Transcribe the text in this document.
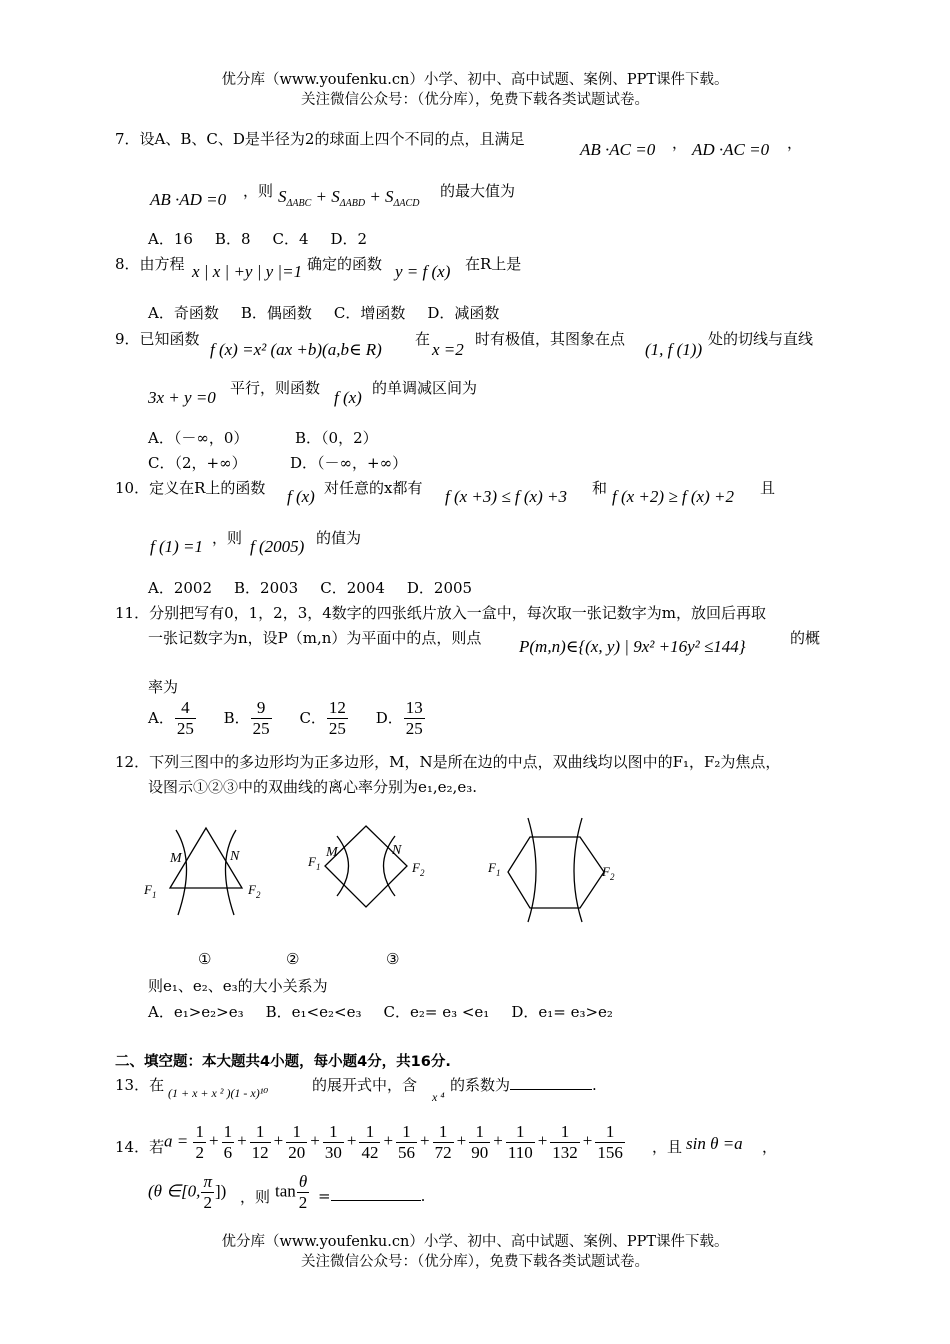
优分库（www.youfenku.cn）小学、初中、高中试题、案例、PPT课件下载。
关注微信公众号：（优分库），免费下载各类试题试卷。
7．设A、B、C、D是半径为2的球面上四个不同的点，且满足
AB ·AC =0 ， AD ·AC =0 ，
AB ·AD =0 ，则 $S_{\Delta ABC} + S_{\Delta ABD} + S_{\Delta ACD}$
的最大值为
A．16 B．8 C．4 D．2
8．由方程 x | x | +y | y |=1 确定的函数 y = f (x) 在R上是
A．奇函数 B．偶函数 C．增函数 D．减函数
9．已知函数
f (x) =x² (ax +b)(a,b∈ R)
在
x =2
时有极值，其图象在点
(1, f (1))
处的切线与直线
3x + y =0 平行，则函数 f (x) 的单调减区间为
A．（－∞，0）	B．（0，2）
C．（2，+∞）	D．（－∞，+∞）
10．定义在R上的函数 f (x) 对任意的x都有 f (x +3) ≤ f (x) +3 和 f (x +2) ≥ f (x) +2 且
f (1) =1 ，则 f (2005) 的值为
A．2002 B．2003 C．2004 D．2005
11．分别把写有0，1，2，3，4数字的四张纸片放入一盒中，每次取一张记数字为m，放回后再取
一张记数字为n，设P（m,n）为平面中的点，则点 P(m,n)∈{(x, y) | 9x² +16y² ≤144}	的概
率为
A． $\frac{4}{25}$ B． $\frac{9}{25}$ C． $\frac{12}{25}$ D． $\frac{13}{25}$
12．下列三图中的多边形均为正多边形，M，N是所在边的中点，双曲线均以图中的F₁，F₂为焦点，
设图示①②③中的双曲线的离心率分别为e₁,e₂,e₃.
M	N
F 1	F 2
M	N
F 1	F 2	F 1	F 2
①	②	③
则e₁、e₂、e₃的大小关系为
A．e₁>e₂>e₃ B．e₁<e₂<e₃ C．e₂= e₃ <e₁ D．e₁= e₃>e₂
二、填空题：本大题共4小题，每小题4分，共16分.
13．在 (1 + x + x ² )(1 - x)¹⁰	的展开式中，含
x ⁴
的系数为	.
14．若 $a = \frac{1}{2} + \frac{1}{6} + \frac{1}{12} + \frac{1}{20} + \frac{1}{30} + \frac{1}{42} + \frac{1}{56} + \frac{1}{72} + \frac{1}{90} + \frac{1}{110} + \frac{1}{132} + \frac{1}{156}$ ，且 sin θ =a ，
(θ ∈[0, $\frac{\pi}{2}$ ]) ，则 $\tan \frac{\theta}{2}$ =	.
优分库（www.youfenku.cn）小学、初中、高中试题、案例、PPT课件下载。
关注微信公众号：（优分库），免费下载各类试题试卷。
